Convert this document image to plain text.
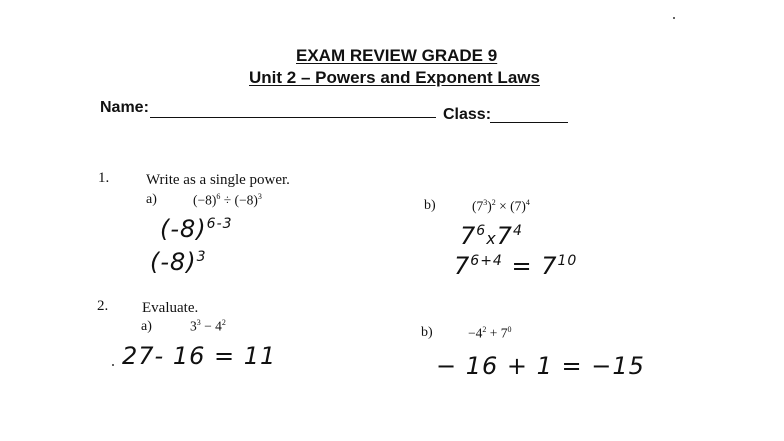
EXAM REVIEW GRADE 9
Unit 2 – Powers and Exponent Laws
Name:	Class:
1. Write as a single power.
a)	$(-8)^6 \div (-8)^3$
$(-8)^{6-3}$
$(-8)^3$
b)	$(7^3)^2 \times (7)^4$
$7^6x7^4$
$7^{6+4} = 7^{10}$
2. Evaluate.
a)	$3^3 - 4^2$
27- 16 = 11
b)	$-4^2 + 7^0$
− 16 + 1 = −15
